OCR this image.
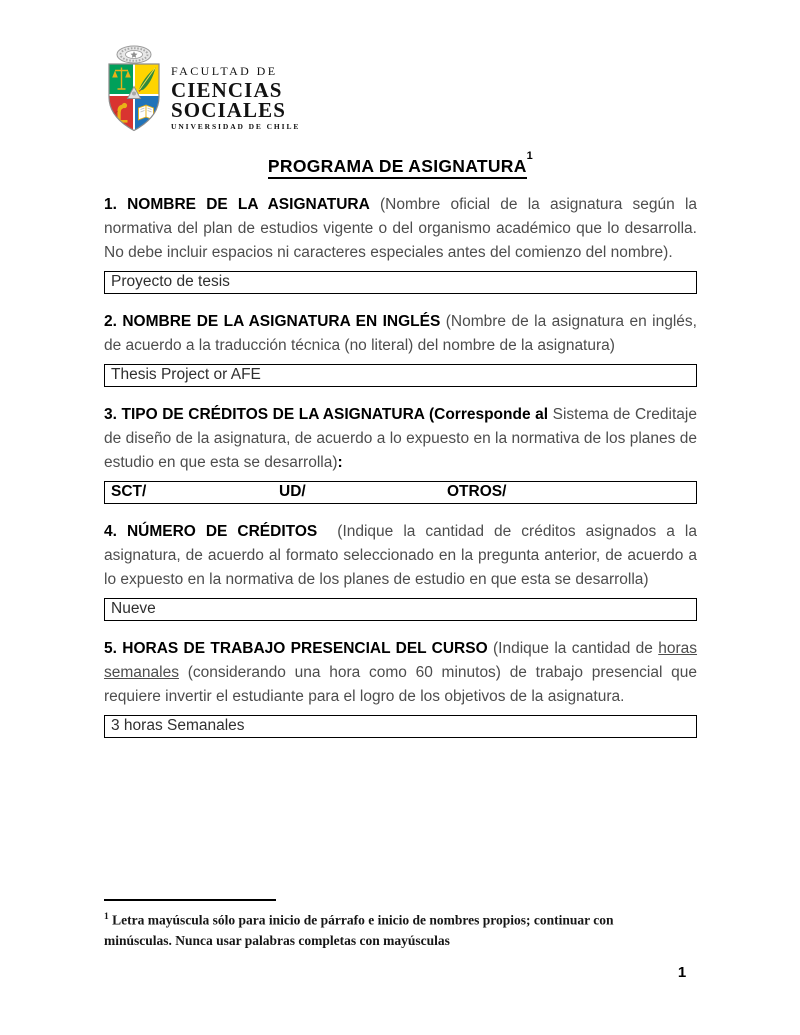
FACULTAD DE
CIENCIAS
SOCIALES
UNIVERSIDAD DE CHILE
PROGRAMA DE ASIGNATURA$^1$

1. NOMBRE DE LA ASIGNATURA (Nombre oficial de la asignatura según la normativa del plan de estudios vigente o del organismo académico que lo desarrolla. No debe incluir espacios ni caracteres especiales antes del comienzo del nombre).

Proyecto de tesis

2. NOMBRE DE LA ASIGNATURA EN INGLÉS (Nombre de la asignatura en inglés, de acuerdo a la traducción técnica (no literal) del nombre de la asignatura)

Thesis Project or AFE

3. TIPO DE CRÉDITOS DE LA ASIGNATURA (Corresponde al Sistema de Creditaje de diseño de la asignatura, de acuerdo a lo expuesto en la normativa de los planes de estudio en que esta se desarrolla):

SCT/	UD/	OTROS/

4. NÚMERO DE CRÉDITOS  (Indique la cantidad de créditos asignados a la asignatura, de acuerdo al formato seleccionado en la pregunta anterior, de acuerdo a lo expuesto en la normativa de los planes de estudio en que esta se desarrolla)

Nueve

5. HORAS DE TRABAJO PRESENCIAL DEL CURSO (Indique la cantidad de horas semanales (considerando una hora como 60 minutos) de trabajo presencial que requiere invertir el estudiante para el logro de los objetivos de la asignatura.

3 horas Semanales
$^1$ Letra mayúscula sólo para inicio de párrafo e inicio de nombres propios; continuar con minúsculas. Nunca usar palabras completas con mayúsculas
1
